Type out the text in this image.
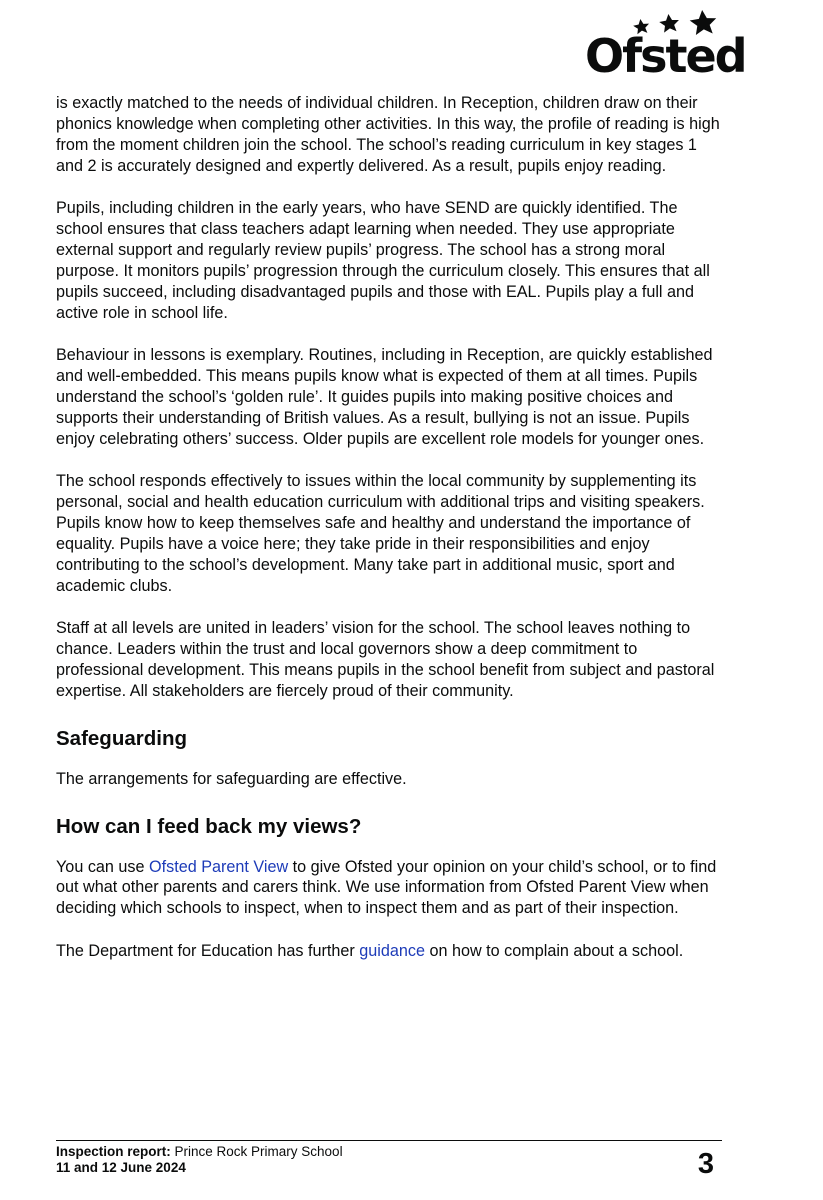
Ofsted

is exactly matched to the needs of individual children. In Reception, children draw on their phonics knowledge when completing other activities. In this way, the profile of reading is high from the moment children join the school. The school’s reading curriculum in key stages 1 and 2 is accurately designed and expertly delivered. As a result, pupils enjoy reading.

Pupils, including children in the early years, who have SEND are quickly identified. The school ensures that class teachers adapt learning when needed. They use appropriate external support and regularly review pupils’ progress. The school has a strong moral purpose. It monitors pupils’ progression through the curriculum closely. This ensures that all pupils succeed, including disadvantaged pupils and those with EAL. Pupils play a full and active role in school life.

Behaviour in lessons is exemplary. Routines, including in Reception, are quickly established and well-embedded. This means pupils know what is expected of them at all times. Pupils understand the school’s ‘golden rule’. It guides pupils into making positive choices and supports their understanding of British values. As a result, bullying is not an issue. Pupils enjoy celebrating others’ success. Older pupils are excellent role models for younger ones.

The school responds effectively to issues within the local community by supplementing its personal, social and health education curriculum with additional trips and visiting speakers. Pupils know how to keep themselves safe and healthy and understand the importance of equality. Pupils have a voice here; they take pride in their responsibilities and enjoy contributing to the school’s development. Many take part in additional music, sport and academic clubs.

Staff at all levels are united in leaders’ vision for the school. The school leaves nothing to chance. Leaders within the trust and local governors show a deep commitment to professional development. This means pupils in the school benefit from subject and pastoral expertise. All stakeholders are fiercely proud of their community.

Safeguarding

The arrangements for safeguarding are effective.

How can I feed back my views?

You can use Ofsted Parent View to give Ofsted your opinion on your child’s school, or to find out what other parents and carers think. We use information from Ofsted Parent View when deciding which schools to inspect, when to inspect them and as part of their inspection.

The Department for Education has further guidance on how to complain about a school.

Inspection report: Prince Rock Primary School
11 and 12 June 2024	3
